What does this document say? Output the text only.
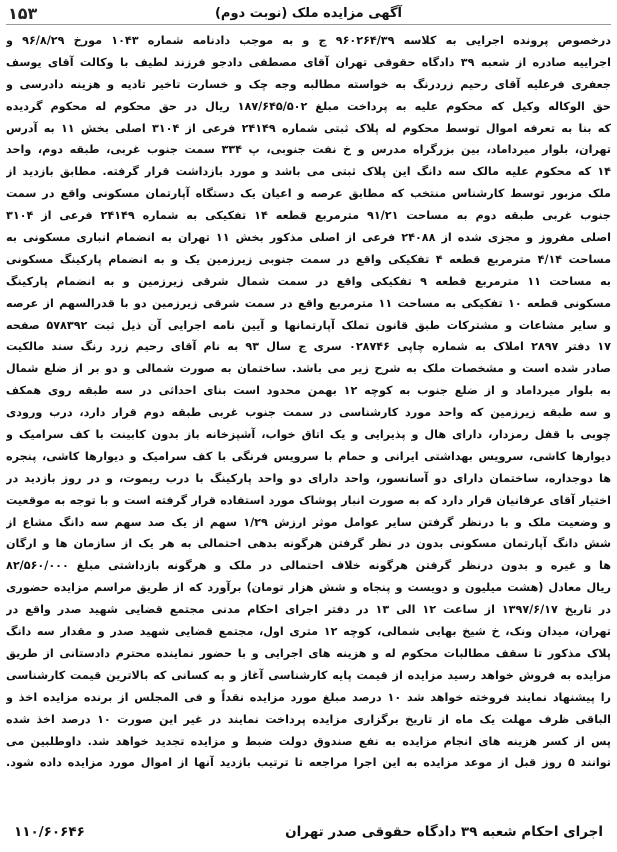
۱۵۳	آگهی مزایده ملک (نوبت دوم)
درخصوص پرونده اجرایی به کلاسه ۹۶۰۲۶۴/۳۹ ج و به موجب دادنامه شماره ۱۰۴۳ مورخ ۹۶/۸/۲۹ و
اجراییه صادره از شعبه ۳۹ دادگاه حقوقی تهران آقای مصطفی دادجو فرزند لطیف با وکالت آقای یوسف
جعفری فرعلیه آقای رحیم زردرنگ به خواسته مطالبه وجه چک و خسارت تاخیر تادیه و هزینه دادرسی و
حق الوکاله وکیل که محکوم علیه به پرداخت مبلغ ۱۸۷/۶۴۵/۵۰۲ ریال در حق محکوم له محکوم گردیده
که بنا به تعرفه اموال توسط محکوم له پلاک ثبتی شماره ۲۴۱۴۹ فرعی از ۳۱۰۴ اصلی بخش ۱۱ به آدرس
تهران، بلوار میرداماد، بین بزرگراه مدرس و خ نفت جنوبی، پ ۳۳۴ سمت جنوب غربی، طبقه دوم، واحد
۱۴ که محکوم علیه مالک سه دانگ این پلاک ثبتی می باشد و مورد بازداشت قرار گرفته. مطابق بازدید از
ملک مزبور توسط کارشناس منتخب که مطابق عرصه و اعیان یک دستگاه آپارتمان مسکونی واقع در سمت
جنوب غربی طبقه دوم به مساحت ۹۱/۲۱ مترمربع قطعه ۱۴ تفکیکی به شماره ۲۴۱۴۹ فرعی از ۳۱۰۴
اصلی مفروز و مجزی شده از ۲۴۰۸۸ فرعی از اصلی مذکور بخش ۱۱ تهران به انضمام انباری مسکونی به
مساحت ۴/۱۴ مترمربع قطعه ۴ تفکیکی واقع در سمت جنوبی زیرزمین یک و به انضمام پارکینگ مسکونی
به مساحت ۱۱ مترمربع قطعه ۹ تفکیکی واقع در سمت شمال شرقی زیرزمین و به انضمام پارکینگ
مسکونی قطعه ۱۰ تفکیکی به مساحت ۱۱ مترمربع واقع در سمت شرقی زیرزمین دو با قدرالسهم از عرصه
و سایر مشاعات و مشترکات طبق قانون تملک آپارتمانها و آیین نامه اجرایی آن ذیل ثبت ۵۷۸۳۹۲ صفحه
۱۷ دفتر ۲۸۹۷ املاک به شماره چاپی ۰۲۸۷۴۶ سری ج سال ۹۳ به نام آقای رحیم زرد رنگ سند مالکیت
صادر شده است و مشخصات ملک به شرح زیر می باشد. ساختمان به صورت شمالی و دو بر از ضلع شمال
به بلوار میرداماد و از ضلع جنوب به کوچه ۱۲ بهمن محدود است بنای احداثی در سه طبقه روی همکف
و سه طبقه زیرزمین که واحد مورد کارشناسی در سمت جنوب غربی طبقه دوم قرار دارد، درب ورودی
چوبی با قفل رمزدار، دارای هال و پذیرایی و یک اتاق خواب، آشپزخانه باز بدون کابینت با کف سرامیک و
دیوارها کاشی، سرویس بهداشتی ایرانی و حمام با سرویس فرنگی با کف سرامیک و دیوارها کاشی، پنجره
ها دوجداره، ساختمان دارای دو آسانسور، واحد دارای دو واحد پارکینگ با درب ریموت، و در روز بازدید در
اختیار آقای عرفانیان قرار دارد که به صورت انبار پوشاک مورد استفاده قرار گرفته است و با توجه به موقعیت
و وضعیت ملک و با درنظر گرفتن سایر عوامل موثر ارزش ۱/۲۹ سهم از یک صد سهم سه دانگ مشاع از
شش دانگ آپارتمان مسکونی بدون در نظر گرفتن هرگونه بدهی احتمالی به هر یک از سازمان ها و ارگان
ها و غیره و بدون درنظر گرفتن هرگونه خلاف احتمالی در ملک و هرگونه بازداشتی مبلغ ۸۲/۵۶۰/۰۰۰
ریال معادل (هشت میلیون و دویست و پنجاه و شش هزار تومان) برآورد که از طریق مراسم مزایده حضوری
در تاریخ ۱۳۹۷/۶/۱۷ از ساعت ۱۲ الی ۱۳ در دفتر اجرای احکام مدنی مجتمع قضایی شهید صدر واقع در
تهران، میدان ونک، خ شیخ بهایی شمالی، کوچه ۱۲ متری اول، مجتمع قضایی شهید صدر و مقدار سه دانگ
پلاک مذکور تا سقف مطالبات محکوم له و هزینه های اجرایی و با حضور نماینده محترم دادستانی از طریق
مزایده به فروش خواهد رسید مزایده از قیمت پایه کارشناسی آغاز و به کسانی که بالاترین قیمت کارشناسی
را پیشنهاد نمایند فروخته خواهد شد ۱۰ درصد مبلغ مورد مزایده نقداً و فی المجلس از برنده مزایده اخذ و
الباقی ظرف مهلت یک ماه از تاریخ برگزاری مزایده پرداخت نمایند در غیر این صورت ۱۰ درصد اخذ شده
پس از کسر هزینه های انجام مزایده به نفع صندوق دولت ضبط و مزایده تجدید خواهد شد. داوطلبین می
توانند ۵ روز قبل از موعد مزایده به این اجرا مراجعه تا ترتیب بازدید آنها از اموال مورد مزایده داده شود.
اجرای احکام شعبه ۳۹ دادگاه حقوقی صدر تهران
۱۱۰/۶۰۶۴۶
